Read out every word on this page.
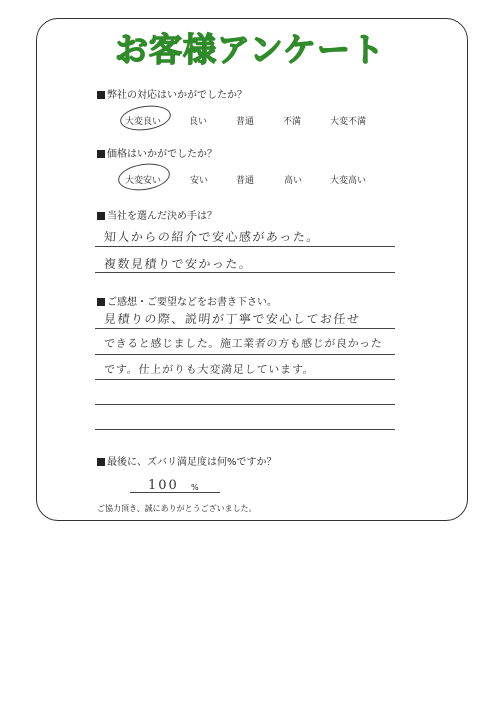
お客様アンケート
弊社の対応はいかがでしたか？
大変良い	良い	普通	不満	大変不満
価格はいかがでしたか？
大変安い	安い	普通	高い	大変高い
当社を選んだ決め手は？
知人からの紹介で安心感があった。
複数見積りで安かった。
ご感想・ご要望などをお書き下さい。
見積りの際、説明が丁寧で安心してお任せ
できると感じました。施工業者の方も感じが良かった
です。仕上がりも大変満足しています。
最後に、ズバリ満足度は何%ですか？
100 %
ご協力頂き、誠にありがとうございました。
